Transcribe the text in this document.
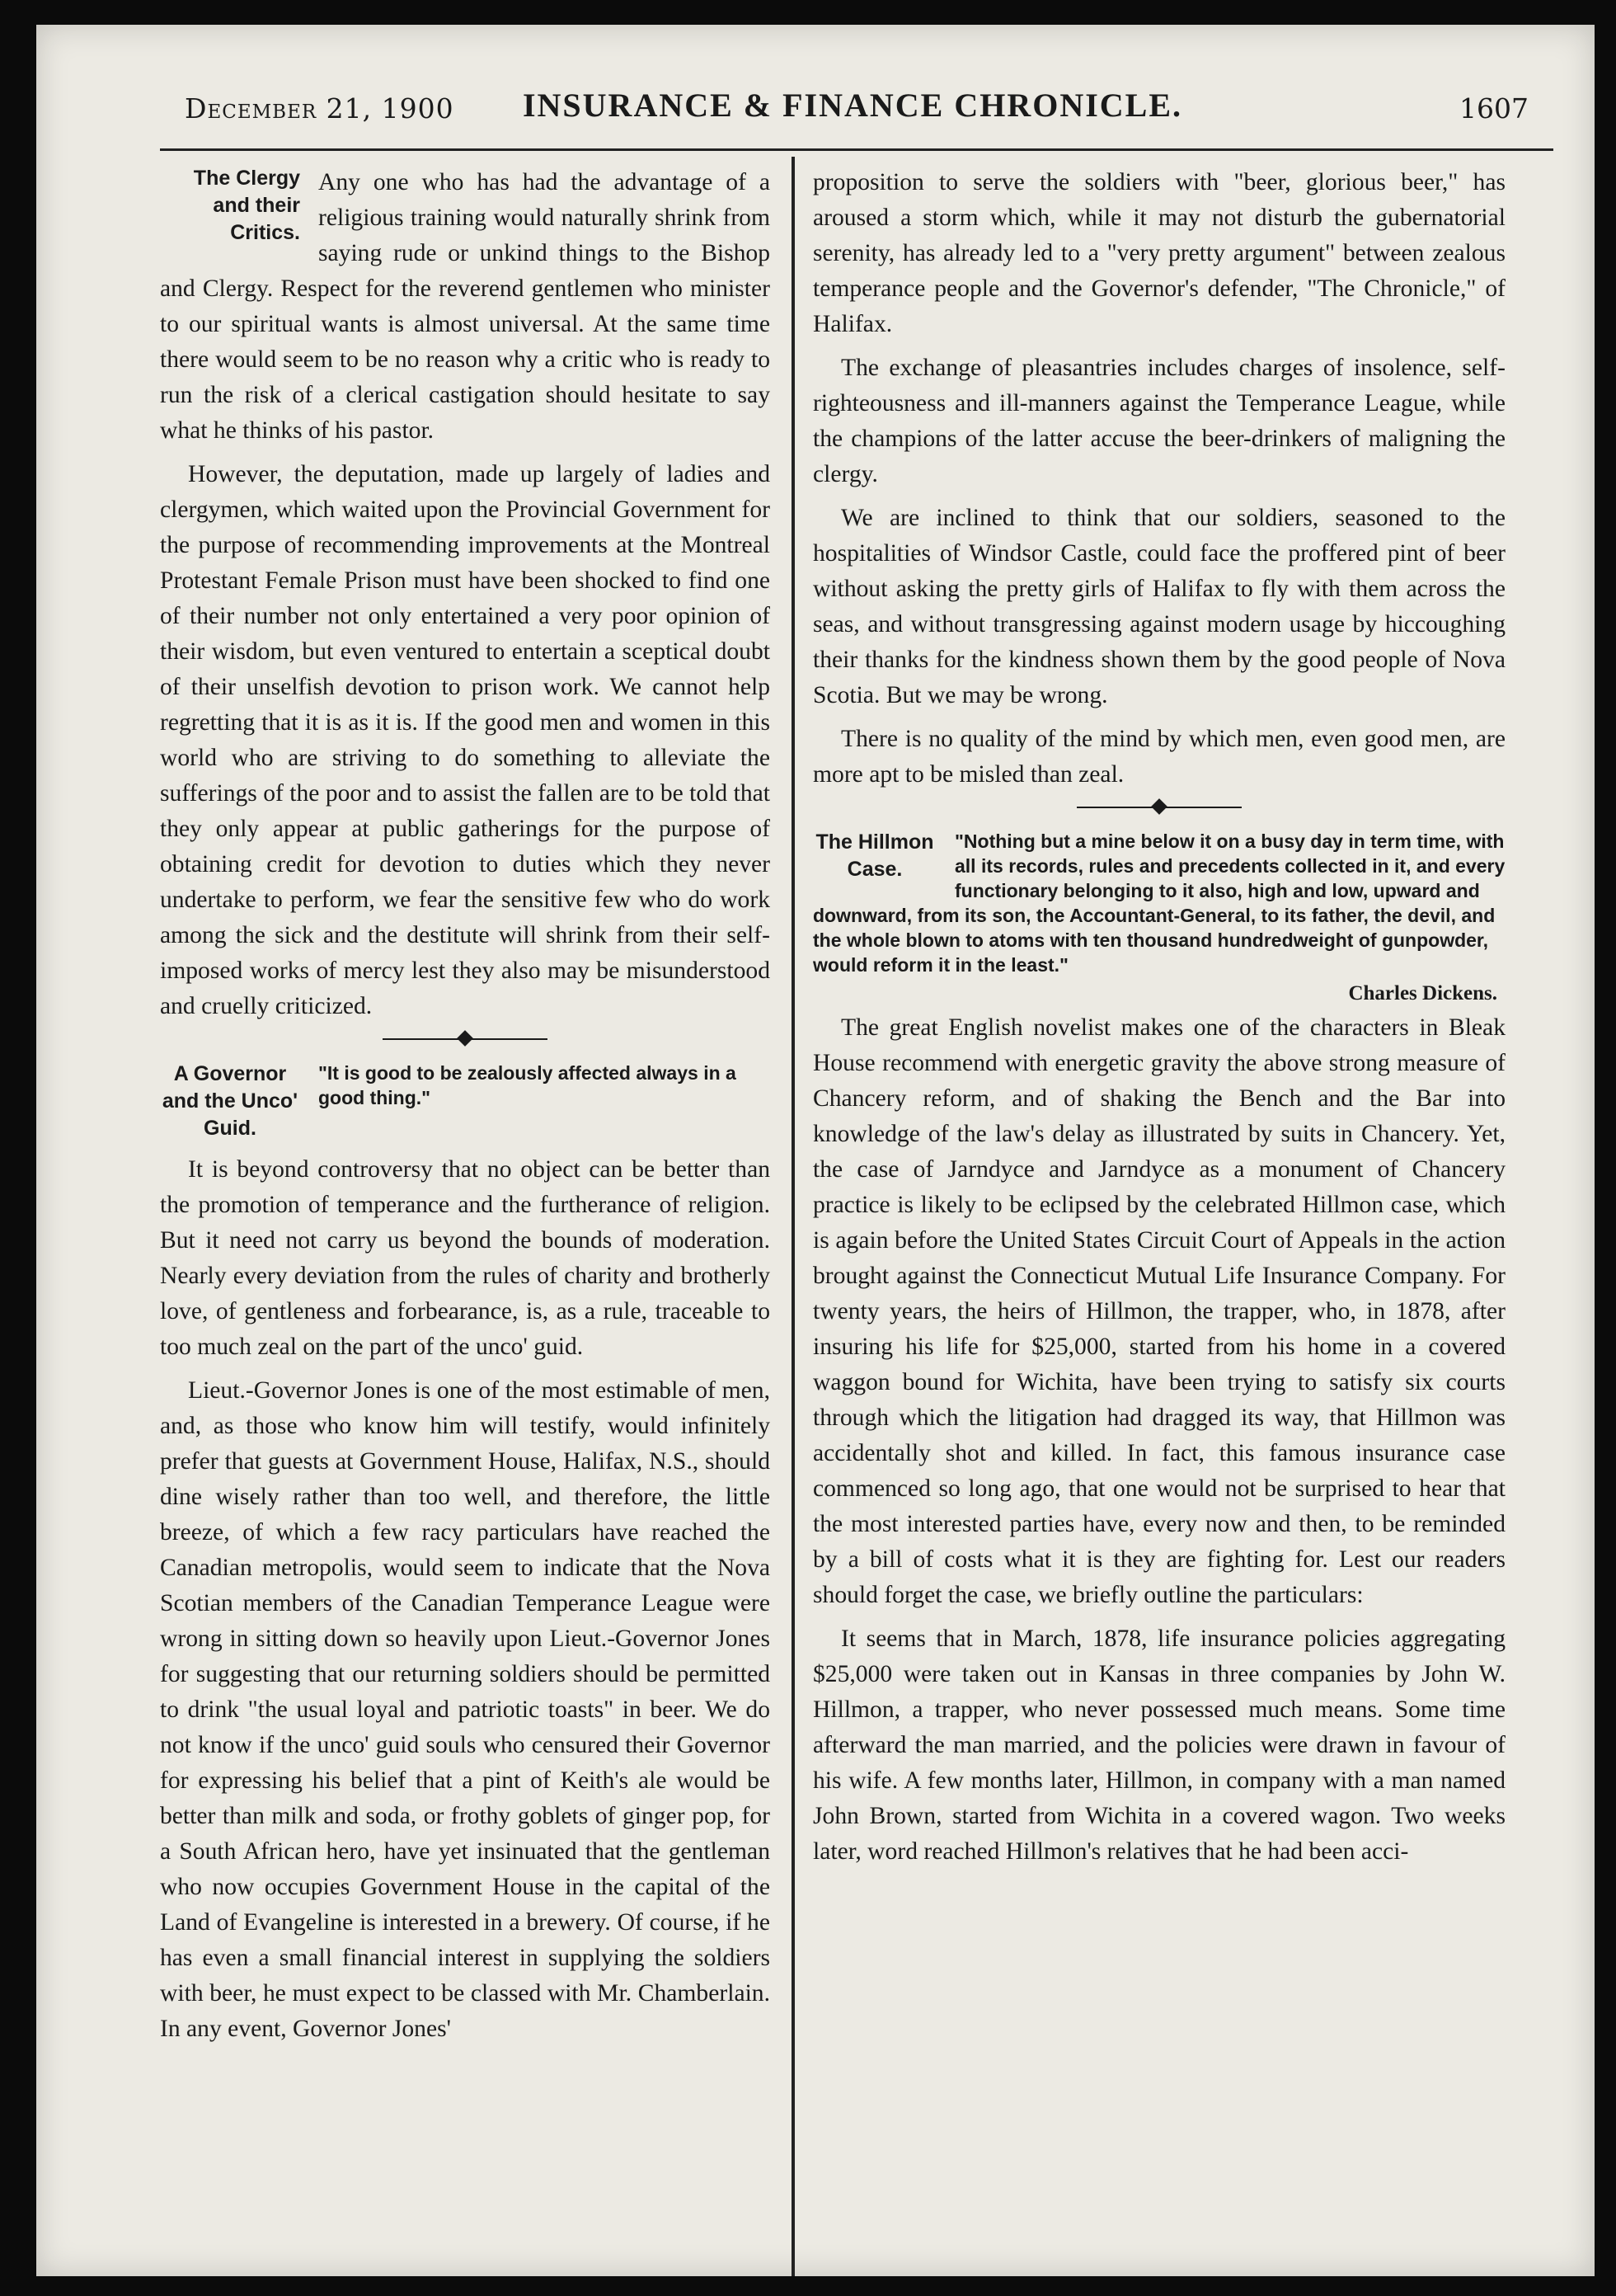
December 21, 1900	INSURANCE & FINANCE CHRONICLE.	1607
The Clergy and their Critics.

Any one who has had the advantage of a religious training would naturally shrink from saying rude or unkind things to the Bishop and Clergy. Respect for the reverend gentlemen who minister to our spiritual wants is almost universal. At the same time there would seem to be no reason why a critic who is ready to run the risk of a clerical castigation should hesitate to say what he thinks of his pastor.

However, the deputation, made up largely of ladies and clergymen, which waited upon the Provincial Government for the purpose of recommending improvements at the Montreal Protestant Female Prison must have been shocked to find one of their number not only entertained a very poor opinion of their wisdom, but even ventured to entertain a sceptical doubt of their unselfish devotion to prison work. We cannot help regretting that it is as it is. If the good men and women in this world who are striving to do something to alleviate the sufferings of the poor and to assist the fallen are to be told that they only appear at public gatherings for the purpose of obtaining credit for devotion to duties which they never undertake to perform, we fear the sensitive few who do work among the sick and the destitute will shrink from their self-imposed works of mercy lest they also may be misunderstood and cruelly criticized.

A Governor and the Unco' Guid.
"It is good to be zealously affected always in a good thing."

It is beyond controversy that no object can be better than the promotion of temperance and the furtherance of religion. But it need not carry us beyond the bounds of moderation. Nearly every deviation from the rules of charity and brotherly love, of gentleness and forbearance, is, as a rule, traceable to too much zeal on the part of the unco' guid.

Lieut.-Governor Jones is one of the most estimable of men, and, as those who know him will testify, would infinitely prefer that guests at Government House, Halifax, N.S., should dine wisely rather than too well, and therefore, the little breeze, of which a few racy particulars have reached the Canadian metropolis, would seem to indicate that the Nova Scotian members of the Canadian Temperance League were wrong in sitting down so heavily upon Lieut.-Governor Jones for suggesting that our returning soldiers should be permitted to drink "the usual loyal and patriotic toasts" in beer. We do not know if the unco' guid souls who censured their Governor for expressing his belief that a pint of Keith's ale would be better than milk and soda, or frothy goblets of ginger pop, for a South African hero, have yet insinuated that the gentleman who now occupies Government House in the capital of the Land of Evangeline is interested in a brewery. Of course, if he has even a small financial interest in supplying the soldiers with beer, he must expect to be classed with Mr. Chamberlain. In any event, Governor Jones'

proposition to serve the soldiers with "beer, glorious beer," has aroused a storm which, while it may not disturb the gubernatorial serenity, has already led to a "very pretty argument" between zealous temperance people and the Governor's defender, "The Chronicle," of Halifax.

The exchange of pleasantries includes charges of insolence, self-righteousness and ill-manners against the Temperance League, while the champions of the latter accuse the beer-drinkers of maligning the clergy.

We are inclined to think that our soldiers, seasoned to the hospitalities of Windsor Castle, could face the proffered pint of beer without asking the pretty girls of Halifax to fly with them across the seas, and without transgressing against modern usage by hiccoughing their thanks for the kindness shown them by the good people of Nova Scotia. But we may be wrong.

There is no quality of the mind by which men, even good men, are more apt to be misled than zeal.

The Hillmon Case.
"Nothing but a mine below it on a busy day in term time, with all its records, rules and precedents collected in it, and every functionary belonging to it also, high and low, upward and downward, from its son, the Accountant-General, to its father, the devil, and the whole blown to atoms with ten thousand hundredweight of gunpowder, would reform it in the least."
Charles Dickens.

The great English novelist makes one of the characters in Bleak House recommend with energetic gravity the above strong measure of Chancery reform, and of shaking the Bench and the Bar into knowledge of the law's delay as illustrated by suits in Chancery. Yet, the case of Jarndyce and Jarndyce as a monument of Chancery practice is likely to be eclipsed by the celebrated Hillmon case, which is again before the United States Circuit Court of Appeals in the action brought against the Connecticut Mutual Life Insurance Company. For twenty years, the heirs of Hillmon, the trapper, who, in 1878, after insuring his life for $25,000, started from his home in a covered waggon bound for Wichita, have been trying to satisfy six courts through which the litigation had dragged its way, that Hillmon was accidentally shot and killed. In fact, this famous insurance case commenced so long ago, that one would not be surprised to hear that the most interested parties have, every now and then, to be reminded by a bill of costs what it is they are fighting for. Lest our readers should forget the case, we briefly outline the particulars:

It seems that in March, 1878, life insurance policies aggregating $25,000 were taken out in Kansas in three companies by John W. Hillmon, a trapper, who never possessed much means. Some time afterward the man married, and the policies were drawn in favour of his wife. A few months later, Hillmon, in company with a man named John Brown, started from Wichita in a covered wagon. Two weeks later, word reached Hillmon's relatives that he had been acci-
